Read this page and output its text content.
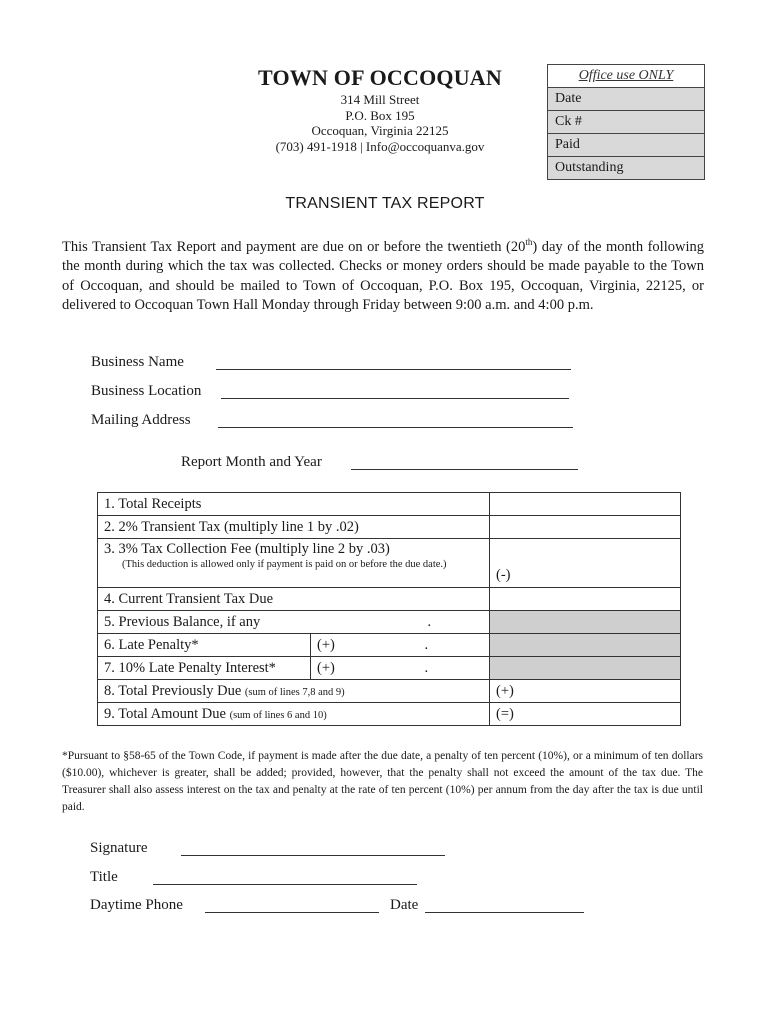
TOWN OF OCCOQUAN
314 Mill Street
P.O. Box 195
Occoquan, Virginia 22125
(703) 491-1918 | Info@occoquanva.gov
Office use ONLY
Date
Ck #
Paid
Outstanding
TRANSIENT TAX REPORT
This Transient Tax Report and payment are due on or before the twentieth (20th) day of the month following the month during which the tax was collected. Checks or money orders should be made payable to the Town of Occoquan, and should be mailed to Town of Occoquan, P.O. Box 195, Occoquan, Virginia, 22125, or delivered to Occoquan Town Hall Monday through Friday between 9:00 a.m. and 4:00 p.m.
Business Name
Business Location
Mailing Address
Report Month and Year
1. Total Receipts		
2. 2% Transient Tax (multiply line 1 by .02)		

3. 3% Tax Collection Fee (multiply line 2 by .03)
(This deduction is allowed only if payment is paid on or before the due date.)		(-)
4. Current Transient Tax Due		
5. Previous Balance, if any .		

6. Late Penalty*	(+) .	

7. 10% Late Penalty Interest*	(+) .	

8. Total Previously Due (sum of lines 7,8 and 9)		(+)
9. Total Amount Due (sum of lines 6 and 10)		(=)
*Pursuant to §58-65 of the Town Code, if payment is made after the due date, a penalty of ten percent (10%), or a minimum of ten dollars ($10.00), whichever is greater, shall be added; provided, however, that the penalty shall not exceed the amount of the tax due. The Treasurer shall also assess interest on the tax and penalty at the rate of ten percent (10%) per annum from the day after the tax is due until paid.
Signature
Title
Daytime Phone	Date
